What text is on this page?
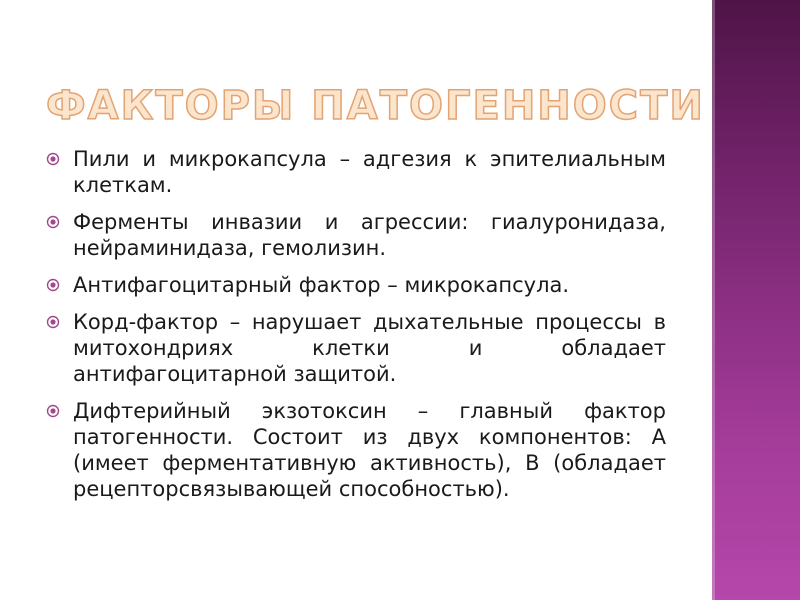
ФАКТОРЫ ПАТОГЕННОСТИ
Пили и микрокапсула – адгезия к эпителиальным клеткам.
Ферменты инвазии и агрессии: гиалуронидаза, нейраминидаза, гемолизин.
Антифагоцитарный фактор – микрокапсула.
Корд-фактор – нарушает дыхательные процессы в митохондриях клетки и обладает антифагоцитарной защитой.
Дифтерийный экзотоксин – главный фактор патогенности. Состоит из двух компонентов: А (имеет ферментативную активность), В (обладает рецепторсвязывающей способностью).
